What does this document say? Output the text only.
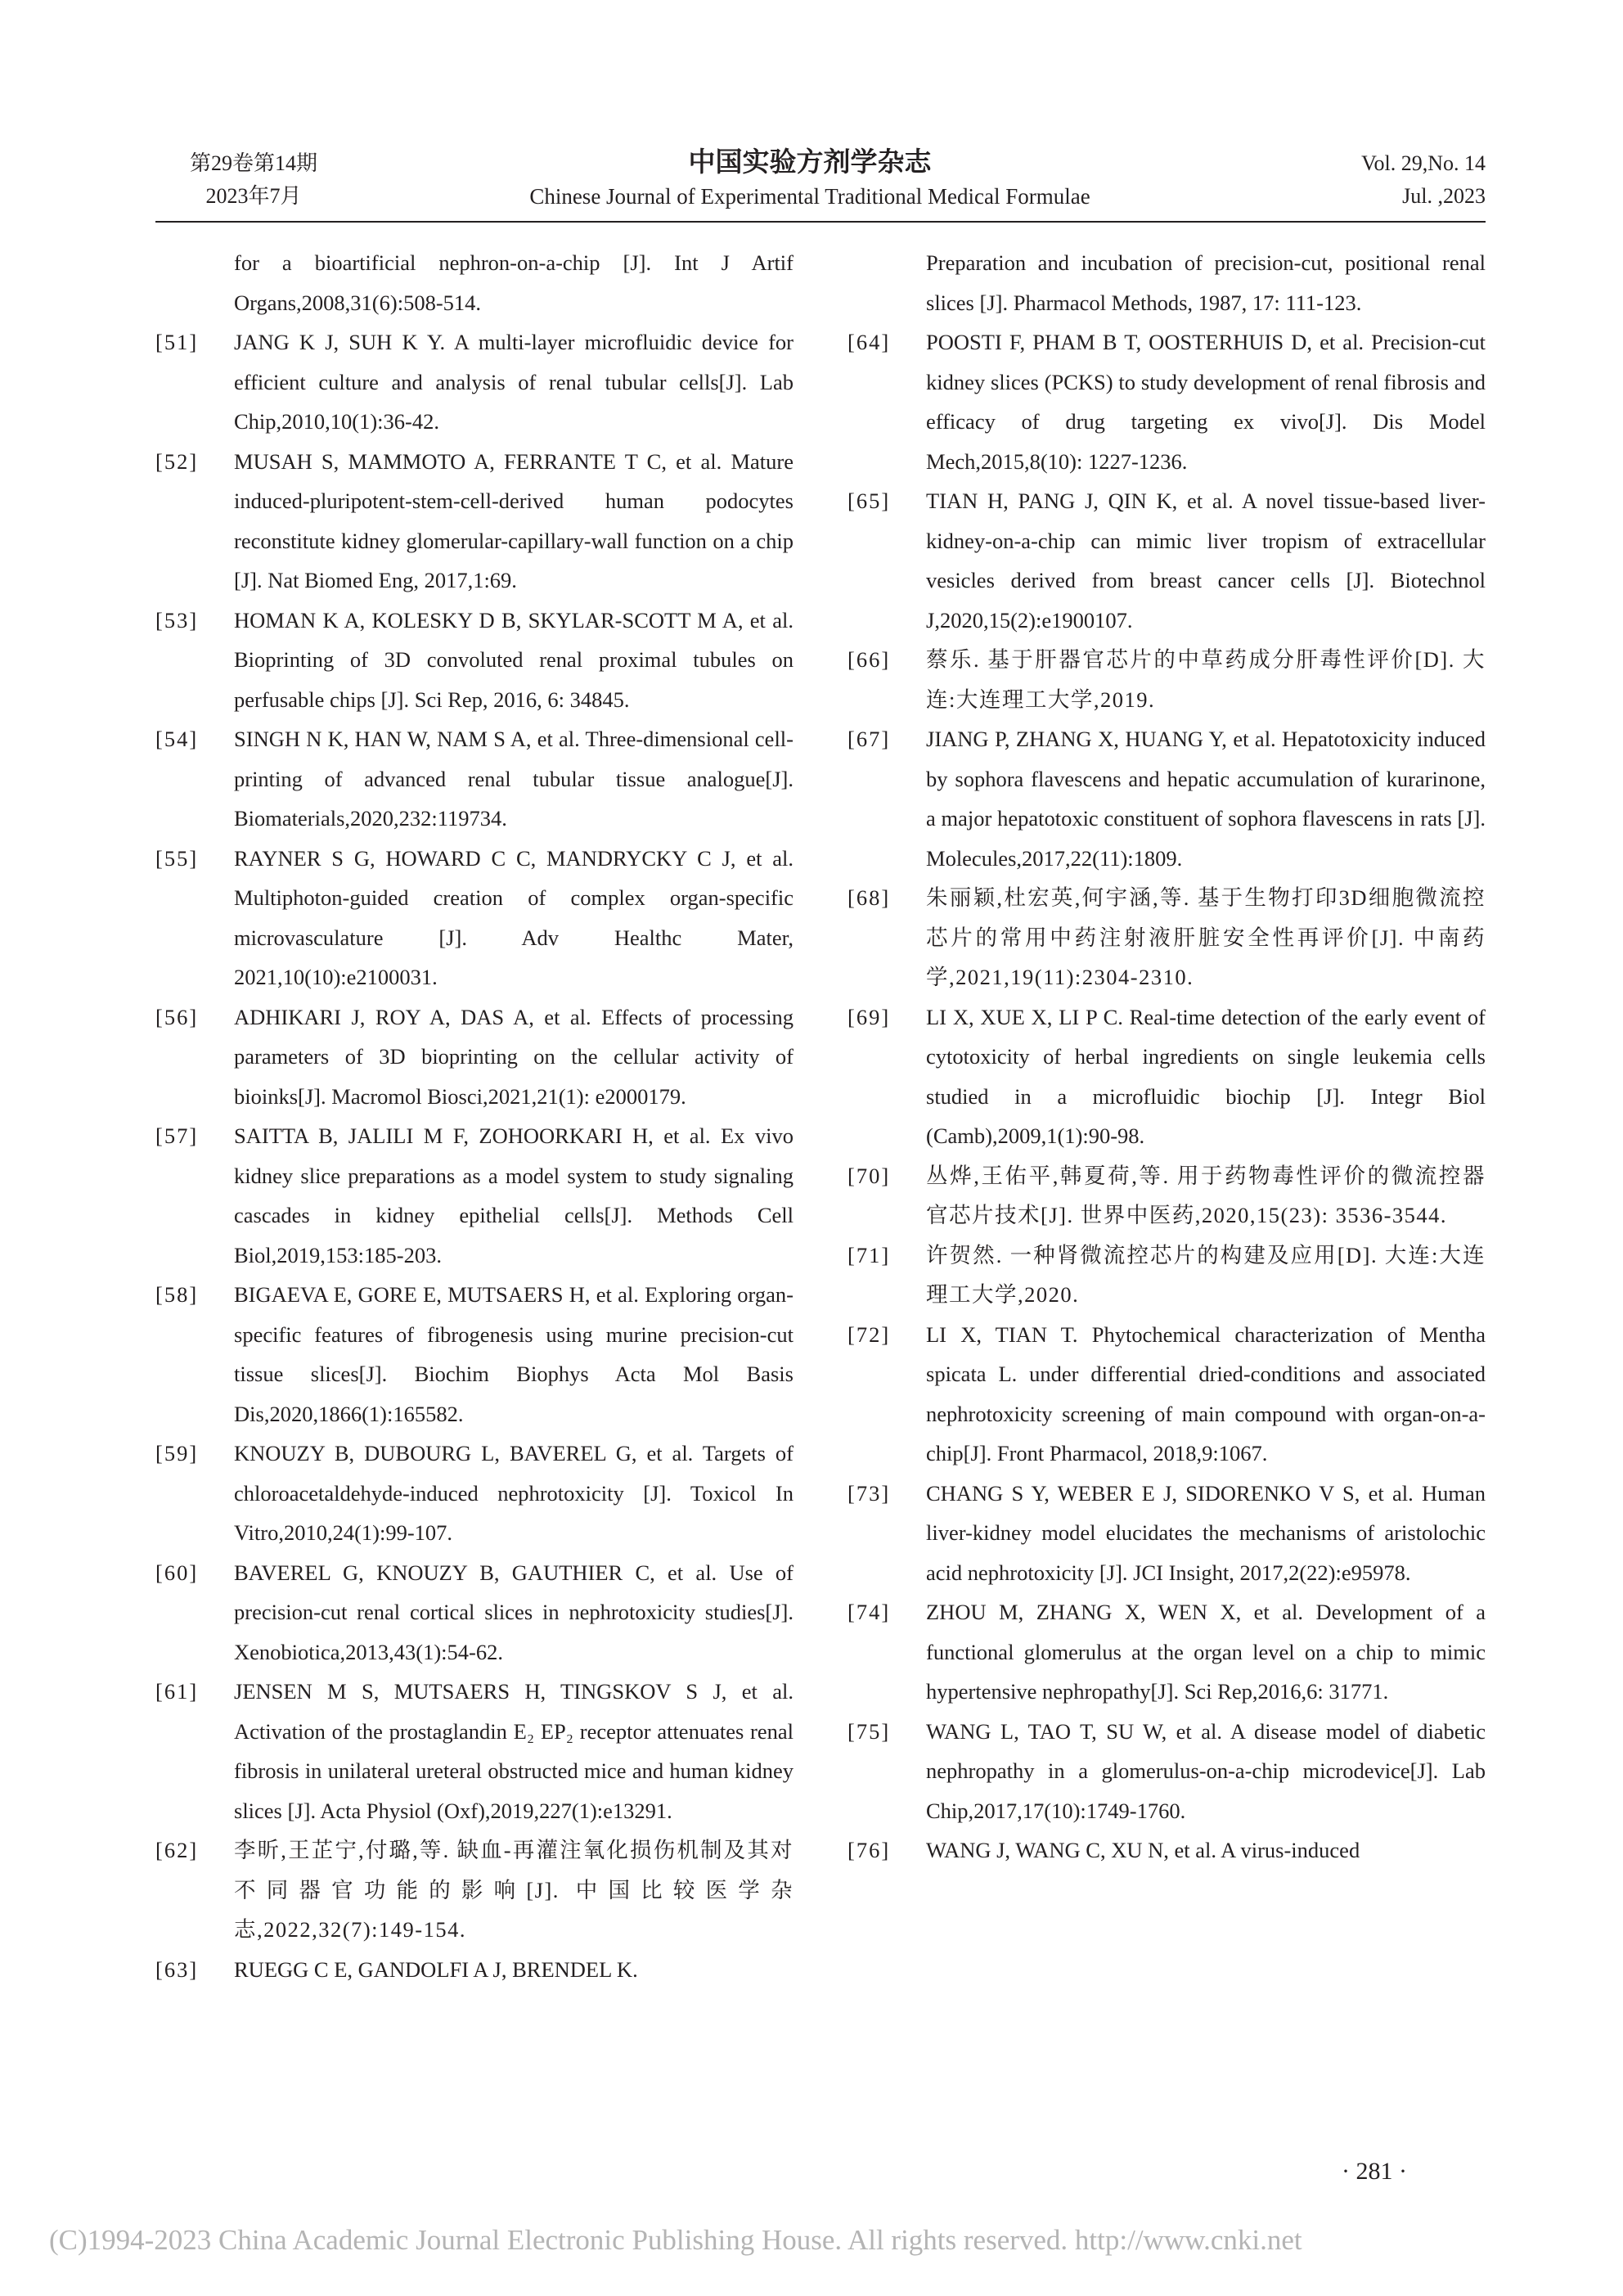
第29卷第14期
2023年7月
中国实验方剂学杂志
Chinese Journal of Experimental Traditional Medical Formulae
Vol. 29,No. 14
Jul. ,2023
for a bioartificial nephron-on-a-chip [J]. Int J Artif Organs,2008,31(6):508-514.
[51]	JANG K J, SUH K Y. A multi-layer microfluidic device for efficient culture and analysis of renal tubular cells[J]. Lab Chip,2010,10(1):36-42.
[52]	MUSAH S, MAMMOTO A, FERRANTE T C, et al. Mature induced-pluripotent-stem-cell-derived human podocytes reconstitute kidney glomerular-capillary-wall function on a chip [J]. Nat Biomed Eng, 2017,1:69.
[53]	HOMAN K A, KOLESKY D B, SKYLAR-SCOTT M A, et al. Bioprinting of 3D convoluted renal proximal tubules on perfusable chips [J]. Sci Rep, 2016, 6: 34845.
[54]	SINGH N K, HAN W, NAM S A, et al. Three-dimensional cell-printing of advanced renal tubular tissue analogue[J]. Biomaterials,2020,232:119734.
[55]	RAYNER S G, HOWARD C C, MANDRYCKY C J, et al. Multiphoton-guided creation of complex organ-specific microvasculature [J]. Adv Healthc Mater, 2021,10(10):e2100031.
[56]	ADHIKARI J, ROY A, DAS A, et al. Effects of processing parameters of 3D bioprinting on the cellular activity of bioinks[J]. Macromol Biosci,2021,21(1): e2000179.
[57]	SAITTA B, JALILI M F, ZOHOORKARI H, et al. Ex vivo kidney slice preparations as a model system to study signaling cascades in kidney epithelial cells[J]. Methods Cell Biol,2019,153:185-203.
[58]	BIGAEVA E, GORE E, MUTSAERS H, et al. Exploring organ-specific features of fibrogenesis using murine precision-cut tissue slices[J]. Biochim Biophys Acta Mol Basis Dis,2020,1866(1):165582.
[59]	KNOUZY B, DUBOURG L, BAVEREL G, et al. Targets of chloroacetaldehyde-induced nephrotoxicity [J]. Toxicol In Vitro,2010,24(1):99-107.
[60]	BAVEREL G, KNOUZY B, GAUTHIER C, et al. Use of precision-cut renal cortical slices in nephrotoxicity studies[J]. Xenobiotica,2013,43(1):54-62.
[61]	JENSEN M S, MUTSAERS H, TINGSKOV S J, et al. Activation of the prostaglandin E₂ EP₂ receptor attenuates renal fibrosis in unilateral ureteral obstructed mice and human kidney slices [J]. Acta Physiol (Oxf),2019,227(1):e13291.
[62]	李昕,王芷宁,付璐,等. 缺血-再灌注氧化损伤机制及其对不同器官功能的影响[J]. 中国比较医学杂志,2022,32(7):149-154.
[63]	RUEGG C E, GANDOLFI A J, BRENDEL K.
Preparation and incubation of precision-cut, positional renal slices [J]. Pharmacol Methods, 1987, 17: 111-123.
[64]	POOSTI F, PHAM B T, OOSTERHUIS D, et al. Precision-cut kidney slices (PCKS) to study development of renal fibrosis and efficacy of drug targeting ex vivo[J]. Dis Model Mech,2015,8(10): 1227-1236.
[65]	TIAN H, PANG J, QIN K, et al. A novel tissue-based liver-kidney-on-a-chip can mimic liver tropism of extracellular vesicles derived from breast cancer cells [J]. Biotechnol J,2020,15(2):e1900107.
[66]	蔡乐. 基于肝器官芯片的中草药成分肝毒性评价[D]. 大连:大连理工大学,2019.
[67]	JIANG P, ZHANG X, HUANG Y, et al. Hepatotoxicity induced by sophora flavescens and hepatic accumulation of kurarinone, a major hepatotoxic constituent of sophora flavescens in rats [J]. Molecules,2017,22(11):1809.
[68]	朱丽颖,杜宏英,何宇涵,等. 基于生物打印3D细胞微流控芯片的常用中药注射液肝脏安全性再评价[J]. 中南药学,2021,19(11):2304-2310.
[69]	LI X, XUE X, LI P C. Real-time detection of the early event of cytotoxicity of herbal ingredients on single leukemia cells studied in a microfluidic biochip [J]. Integr Biol (Camb),2009,1(1):90-98.
[70]	丛烨,王佑平,韩夏荷,等. 用于药物毒性评价的微流控器官芯片技术[J]. 世界中医药,2020,15(23): 3536-3544.
[71]	许贺然. 一种肾微流控芯片的构建及应用[D]. 大连:大连理工大学,2020.
[72]	LI X, TIAN T. Phytochemical characterization of Mentha spicata L. under differential dried-conditions and associated nephrotoxicity screening of main compound with organ-on-a-chip[J]. Front Pharmacol, 2018,9:1067.
[73]	CHANG S Y, WEBER E J, SIDORENKO V S, et al. Human liver-kidney model elucidates the mechanisms of aristolochic acid nephrotoxicity [J]. JCI Insight, 2017,2(22):e95978.
[74]	ZHOU M, ZHANG X, WEN X, et al. Development of a functional glomerulus at the organ level on a chip to mimic hypertensive nephropathy[J]. Sci Rep,2016,6: 31771.
[75]	WANG L, TAO T, SU W, et al. A disease model of diabetic nephropathy in a glomerulus-on-a-chip microdevice[J]. Lab Chip,2017,17(10):1749-1760.
[76]	WANG J, WANG C, XU N, et al. A virus-induced
· 281 ·
(C)1994-2023 China Academic Journal Electronic Publishing House. All rights reserved. http://www.cnki.net
